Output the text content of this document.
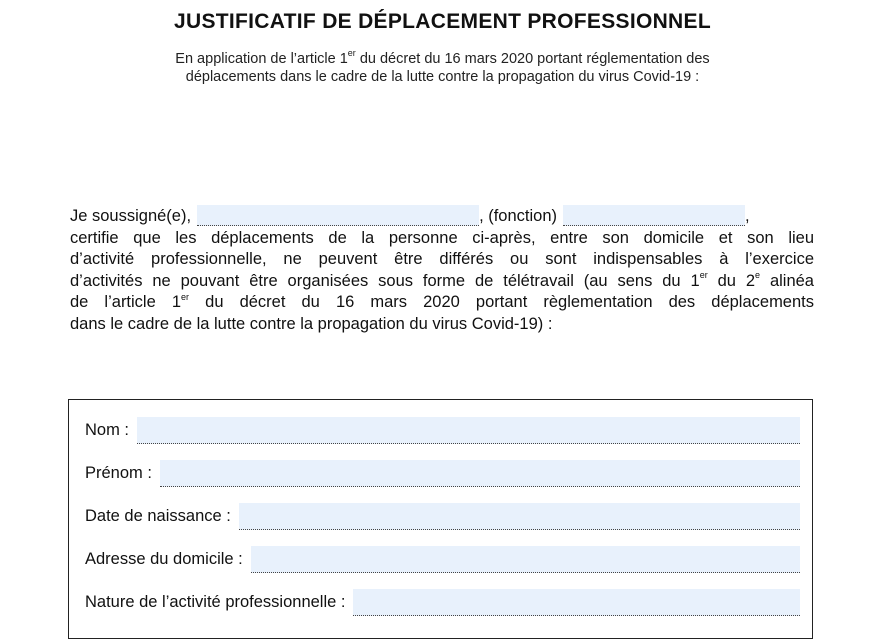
JUSTIFICATIF DE DÉPLACEMENT PROFESSIONNEL
En application de l’article 1er du décret du 16 mars 2020 portant réglementation des
déplacements dans le cadre de la lutte contre la propagation du virus Covid-19 :
Je soussigné(e),	, (fonction)	,
certifie que les déplacements de la personne ci-après, entre son domicile et son lieu
d’activité professionnelle, ne peuvent être différés ou sont indispensables à l’exercice
d’activités ne pouvant être organisées sous forme de télétravail (au sens du 1er du 2e alinéa
de l’article 1er du décret du 16 mars 2020 portant règlementation des déplacements
dans le cadre de la lutte contre la propagation du virus Covid-19) :
Nom :
Prénom :
Date de naissance :
Adresse du domicile :
Nature de l’activité professionnelle :
